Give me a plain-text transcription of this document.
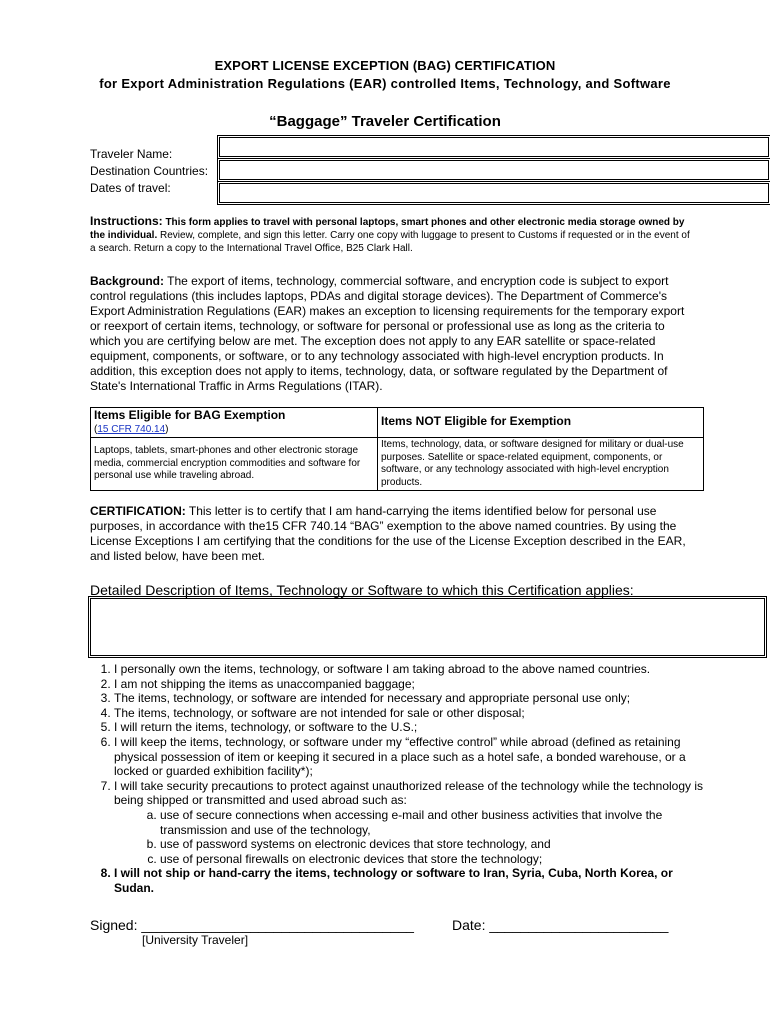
EXPORT LICENSE EXCEPTION (BAG) CERTIFICATION
for Export Administration Regulations (EAR) controlled Items, Technology, and Software
“Baggage” Traveler Certification
Traveler Name:
Destination Countries:
Dates of travel:
Instructions: This form applies to travel with personal laptops, smart phones and other electronic media storage owned by the individual. Review, complete, and sign this letter. Carry one copy with luggage to present to Customs if requested or in the event of a search. Return a copy to the International Travel Office, B25 Clark Hall.
Background: The export of items, technology, commercial software, and encryption code is subject to export control regulations (this includes laptops, PDAs and digital storage devices). The Department of Commerce's Export Administration Regulations (EAR) makes an exception to licensing requirements for the temporary export or reexport of certain items, technology, or software for personal or professional use as long as the criteria to which you are certifying below are met. The exception does not apply to any EAR satellite or space-related equipment, components, or software, or to any technology associated with high-level encryption products. In addition, this exception does not apply to items, technology, data, or software regulated by the Department of State's International Traffic in Arms Regulations (ITAR).
Items Eligible for BAG Exemption
(15 CFR 740.14)	Items NOT Eligible for Exemption
Laptops, tablets, smart-phones and other electronic storage media, commercial encryption commodities and software for personal use while traveling abroad.	Items, technology, data, or software designed for military or dual-use purposes. Satellite or space-related equipment, components, or software, or any technology associated with high-level encryption products.
CERTIFICATION: This letter is to certify that I am hand-carrying the items identified below for personal use purposes, in accordance with the15 CFR 740.14 “BAG” exemption to the above named countries. By using the License Exceptions I am certifying that the conditions for the use of the License Exception described in the EAR, and listed below, have been met.
Detailed Description of Items, Technology or Software to which this Certification applies:
1. I personally own the items, technology, or software I am taking abroad to the above named countries.
2. I am not shipping the items as unaccompanied baggage;
3. The items, technology, or software are intended for necessary and appropriate personal use only;
4. The items, technology, or software are not intended for sale or other disposal;
5. I will return the items, technology, or software to the U.S.;
6. I will keep the items, technology, or software under my “effective control” while abroad (defined as retaining physical possession of item or keeping it secured in a place such as a hotel safe, a bonded warehouse, or a locked or guarded exhibition facility*);
7. I will take security precautions to protect against unauthorized release of the technology while the technology is being shipped or transmitted and used abroad such as:
a. use of secure connections when accessing e-mail and other business activities that involve the transmission and use of the technology,
b. use of password systems on electronic devices that store technology, and
c. use of personal firewalls on electronic devices that store the technology;
8. I will not ship or hand-carry the items, technology or software to Iran, Syria, Cuba, North Korea, or Sudan.
Signed: ___________________________________	Date: _______________________
[University Traveler]
